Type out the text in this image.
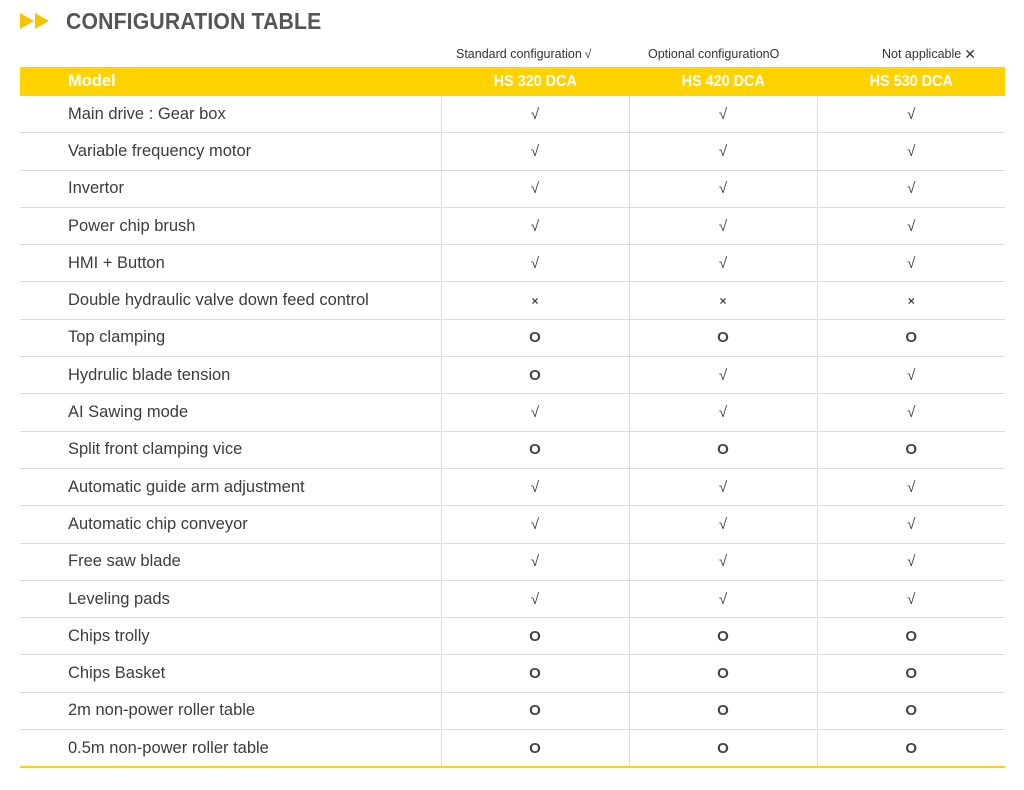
CONFIGURATION TABLE
Standard configuration √	Optional configuration O	Not applicable ✕
Model	HS 320 DCA	HS 420 DCA	HS 530 DCA
Main drive : Gear box	√	√	√
Variable frequency motor	√	√	√
Invertor	√	√	√
Power chip brush	√	√	√
HMI + Button	√	√	√
Double hydraulic valve down feed control	×	×	×
Top clamping	O	O	O
Hydrulic blade tension	O	√	√
AI Sawing mode	√	√	√
Split front clamping vice	O	O	O
Automatic guide arm adjustment	√	√	√
Automatic chip conveyor	√	√	√
Free saw blade	√	√	√
Leveling pads	√	√	√
Chips trolly	O	O	O
Chips Basket	O	O	O
2m non-power roller table	O	O	O
0.5m non-power roller table	O	O	O
